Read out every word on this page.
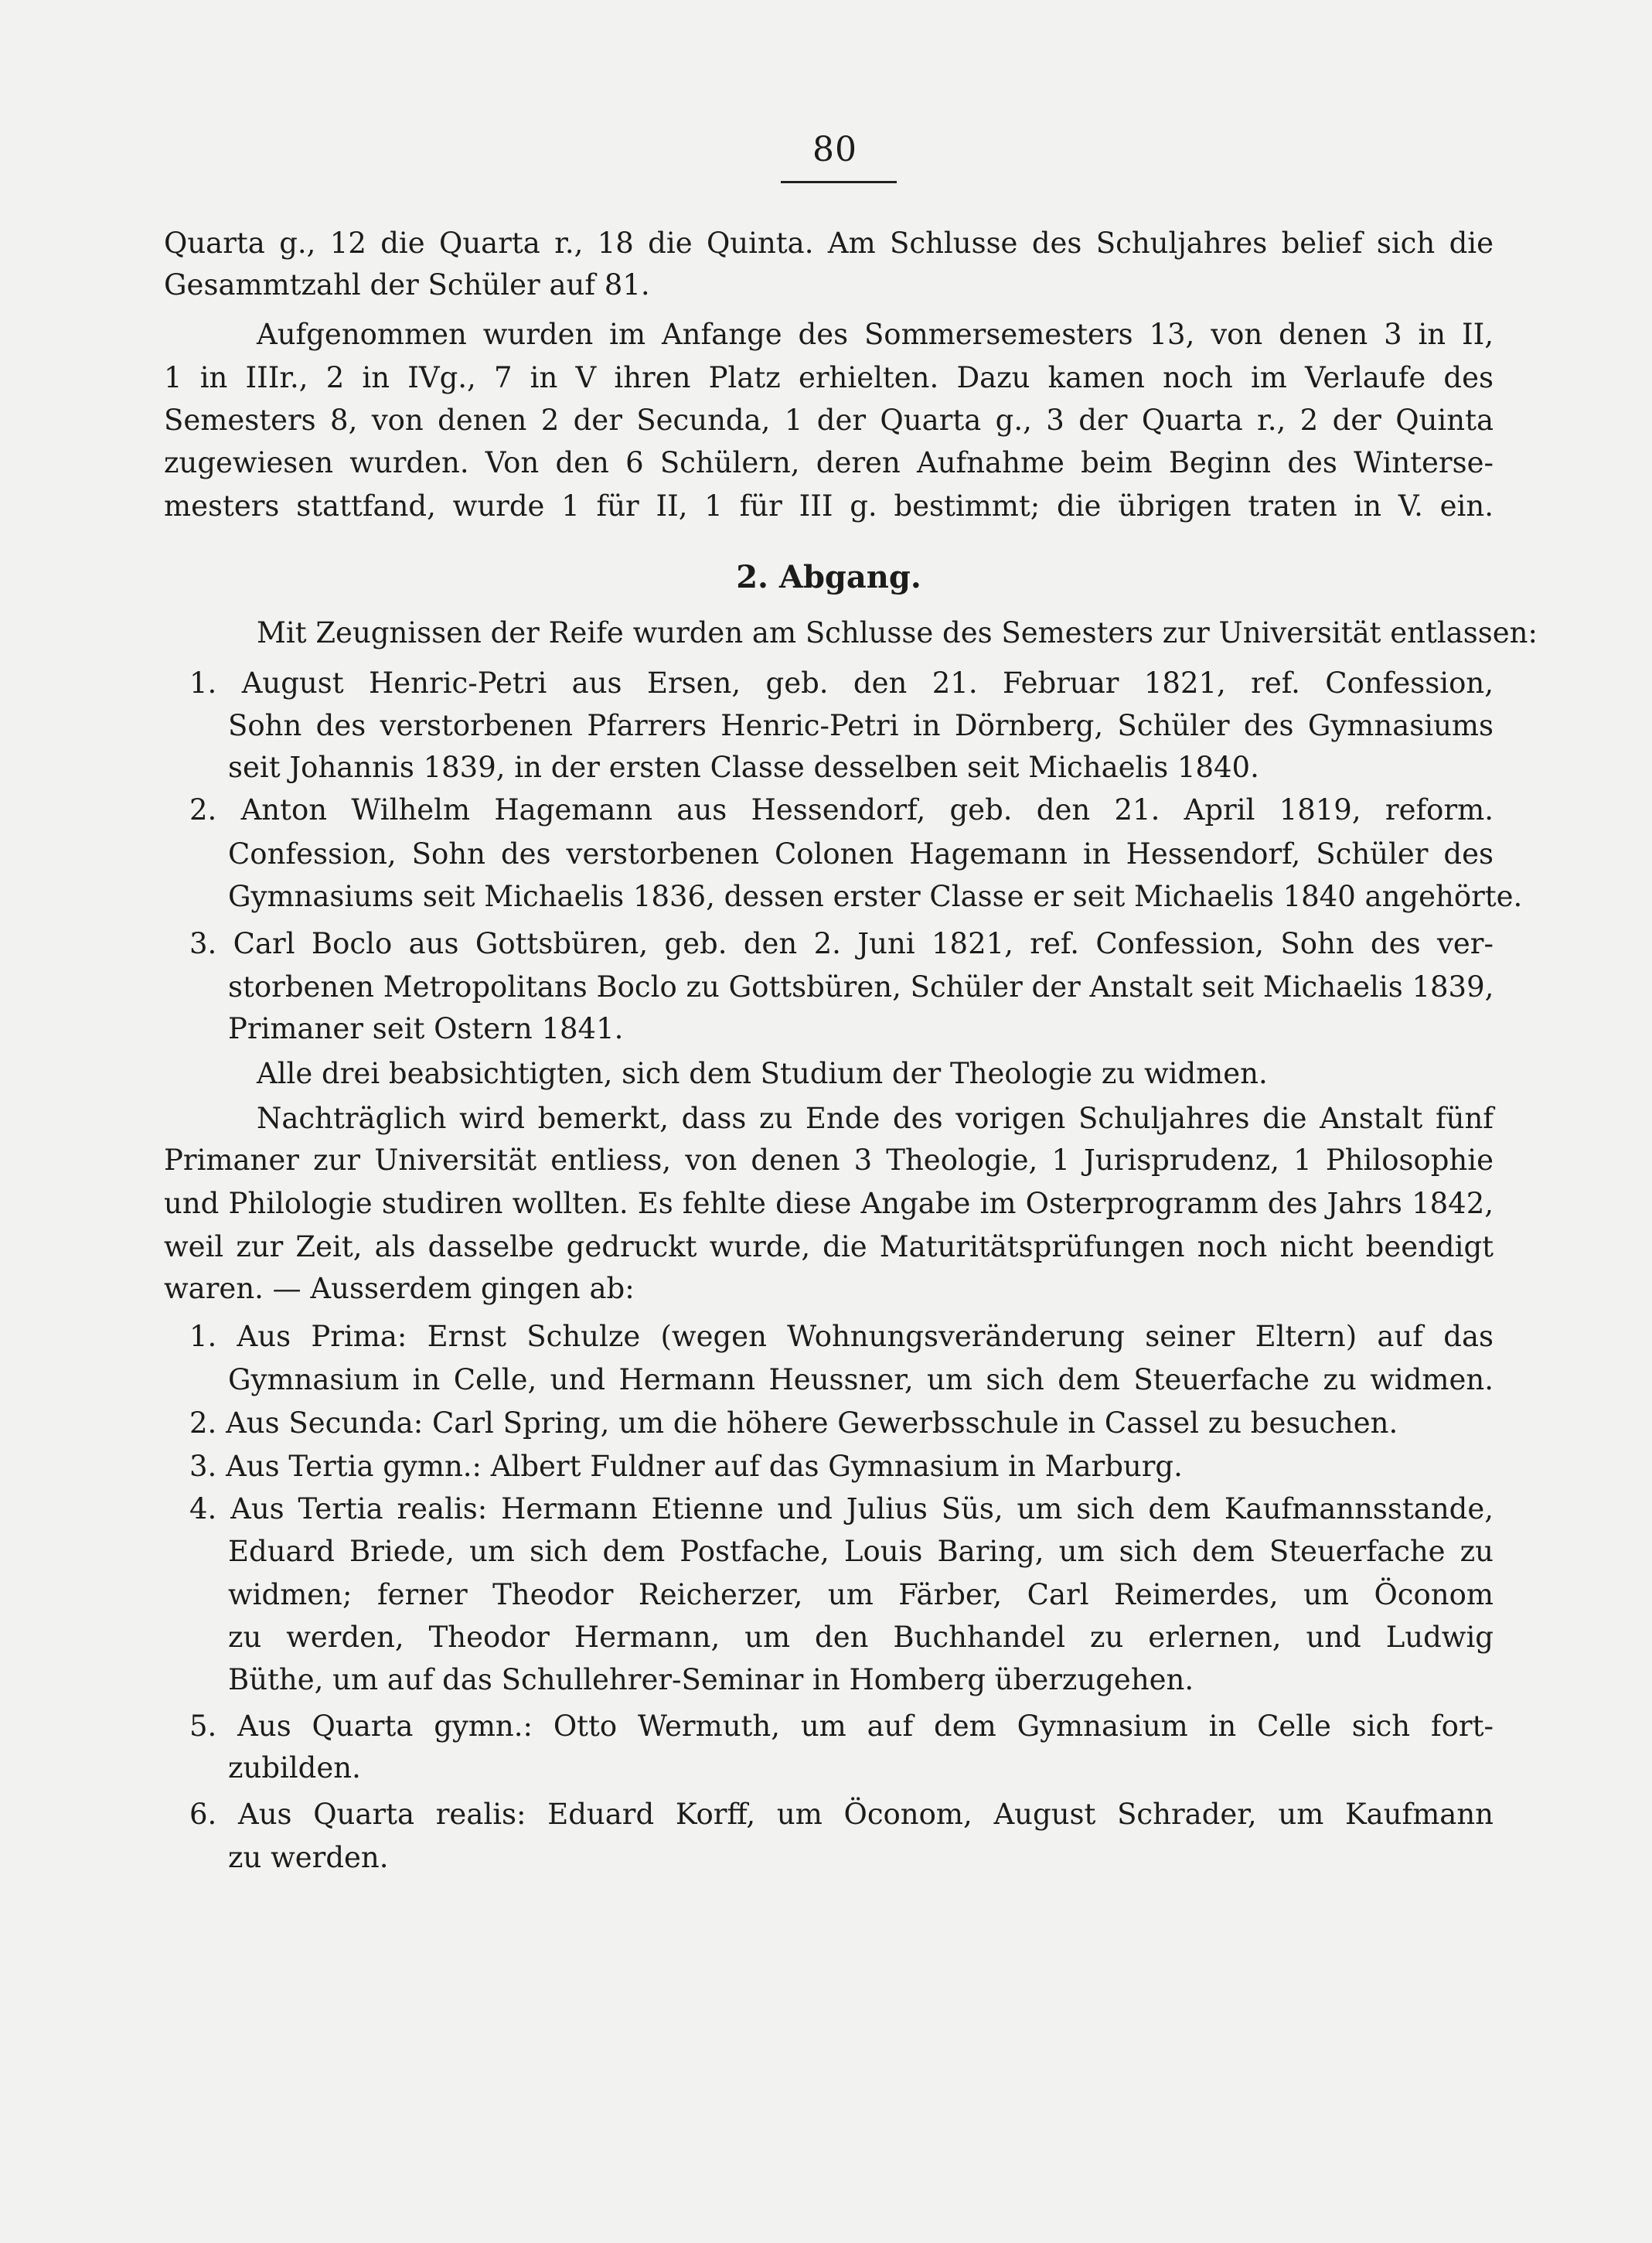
80
Quarta g., 12 die Quarta r., 18 die Quinta. Am Schlusse des Schuljahres belief sich die
Gesammtzahl der Schüler auf 81.
Aufgenommen wurden im Anfange des Sommersemesters 13, von denen 3 in II,
1 in IIIr., 2 in IVg., 7 in V ihren Platz erhielten. Dazu kamen noch im Verlaufe des
Semesters 8, von denen 2 der Secunda, 1 der Quarta g., 3 der Quarta r., 2 der Quinta
zugewiesen wurden. Von den 6 Schülern, deren Aufnahme beim Beginn des Winterse-
mesters stattfand, wurde 1 für II, 1 für III g. bestimmt; die übrigen traten in V. ein.
2. Abgang.
Mit Zeugnissen der Reife wurden am Schlusse des Semesters zur Universität entlassen:
1. August Henric-Petri aus Ersen, geb. den 21. Februar 1821, ref. Confession,
Sohn des verstorbenen Pfarrers Henric-Petri in Dörnberg, Schüler des Gymnasiums
seit Johannis 1839, in der ersten Classe desselben seit Michaelis 1840.
2. Anton Wilhelm Hagemann aus Hessendorf, geb. den 21. April 1819, reform.
Confession, Sohn des verstorbenen Colonen Hagemann in Hessendorf, Schüler des
Gymnasiums seit Michaelis 1836, dessen erster Classe er seit Michaelis 1840 angehörte.
3. Carl Boclo aus Gottsbüren, geb. den 2. Juni 1821, ref. Confession, Sohn des ver-
storbenen Metropolitans Boclo zu Gottsbüren, Schüler der Anstalt seit Michaelis 1839,
Primaner seit Ostern 1841.
Alle drei beabsichtigten, sich dem Studium der Theologie zu widmen.
Nachträglich wird bemerkt, dass zu Ende des vorigen Schuljahres die Anstalt fünf
Primaner zur Universität entliess, von denen 3 Theologie, 1 Jurisprudenz, 1 Philosophie
und Philologie studiren wollten. Es fehlte diese Angabe im Osterprogramm des Jahrs 1842,
weil zur Zeit, als dasselbe gedruckt wurde, die Maturitätsprüfungen noch nicht beendigt
waren. — Ausserdem gingen ab:
1. Aus Prima: Ernst Schulze (wegen Wohnungsveränderung seiner Eltern) auf das
Gymnasium in Celle, und Hermann Heussner, um sich dem Steuerfache zu widmen.
2. Aus Secunda: Carl Spring, um die höhere Gewerbsschule in Cassel zu besuchen.
3. Aus Tertia gymn.: Albert Fuldner auf das Gymnasium in Marburg.
4. Aus Tertia realis: Hermann Etienne und Julius Süs, um sich dem Kaufmannsstande,
Eduard Briede, um sich dem Postfache, Louis Baring, um sich dem Steuerfache zu
widmen; ferner Theodor Reicherzer, um Färber, Carl Reimerdes, um Öconom
zu werden, Theodor Hermann, um den Buchhandel zu erlernen, und Ludwig
Büthe, um auf das Schullehrer-Seminar in Homberg überzugehen.
5. Aus Quarta gymn.: Otto Wermuth, um auf dem Gymnasium in Celle sich fort-
zubilden.
6. Aus Quarta realis: Eduard Korff, um Öconom, August Schrader, um Kaufmann
zu werden.
